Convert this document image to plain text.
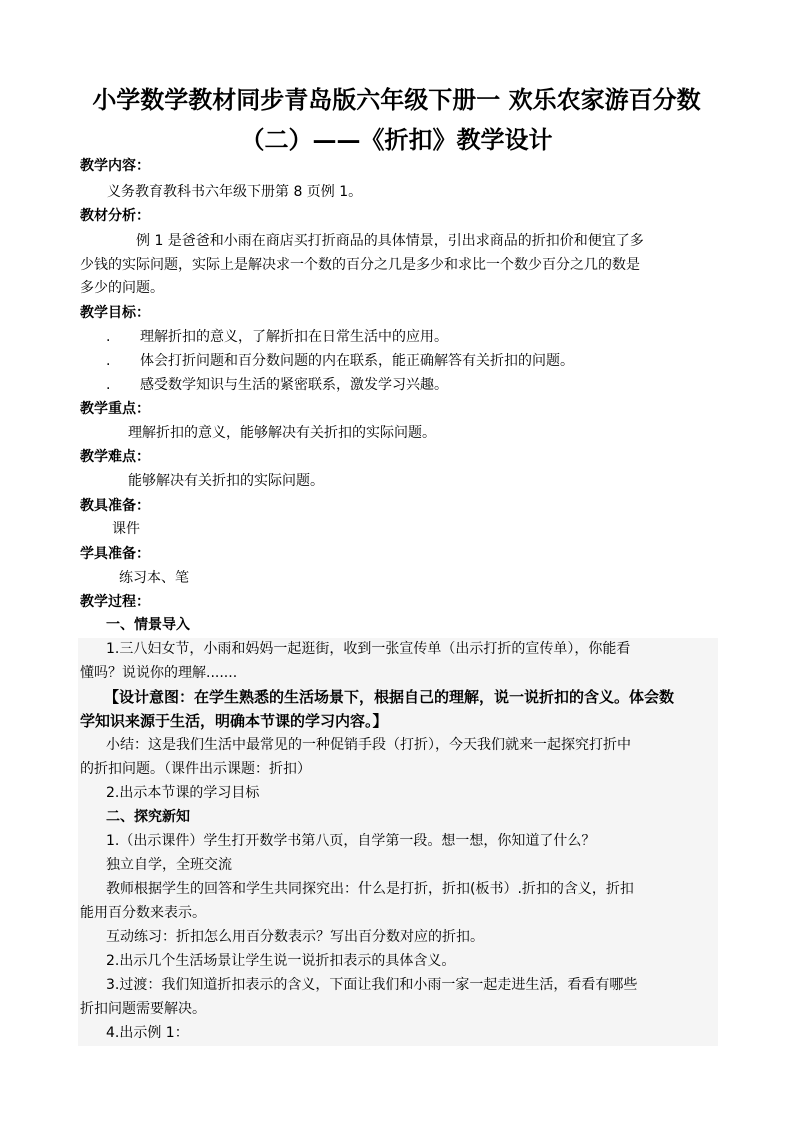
小学数学教材同步青岛版六年级下册一 欢乐农家游百分数
（二）——《折扣》教学设计
教学内容：
义务教育教科书六年级下册第 8 页例 1。
教材分析：
例 1 是爸爸和小雨在商店买打折商品的具体情景，引出求商品的折扣价和便宜了多
少钱的实际问题，实际上是解决求一个数的百分之几是多少和求比一个数少百分之几的数是
多少的问题。
教学目标：
. 理解折扣的意义，了解折扣在日常生活中的应用。
. 体会打折问题和百分数问题的内在联系，能正确解答有关折扣的问题。
. 感受数学知识与生活的紧密联系，激发学习兴趣。
教学重点：
理解折扣的意义，能够解决有关折扣的实际问题。
教学难点：
能够解决有关折扣的实际问题。
教具准备：
课件
学具准备：
练习本、笔
教学过程：
一、情景导入
1.三八妇女节，小雨和妈妈一起逛街，收到一张宣传单（出示打折的宣传单），你能看
懂吗？说说你的理解.......
【设计意图：在学生熟悉的生活场景下，根据自己的理解，说一说折扣的含义。体会数
学知识来源于生活，明确本节课的学习内容。】
小结：这是我们生活中最常见的一种促销手段（打折），今天我们就来一起探究打折中
的折扣问题。（课件出示课题：折扣）
2.出示本节课的学习目标
二、探究新知
1.（出示课件）学生打开数学书第八页，自学第一段。想一想，你知道了什么？
独立自学，全班交流
教师根据学生的回答和学生共同探究出：什么是打折，折扣(板书）.折扣的含义，折扣
能用百分数来表示。
互动练习：折扣怎么用百分数表示？写出百分数对应的折扣。
2.出示几个生活场景让学生说一说折扣表示的具体含义。
3.过渡：我们知道折扣表示的含义，下面让我们和小雨一家一起走进生活，看看有哪些
折扣问题需要解决。
4.出示例 1：
